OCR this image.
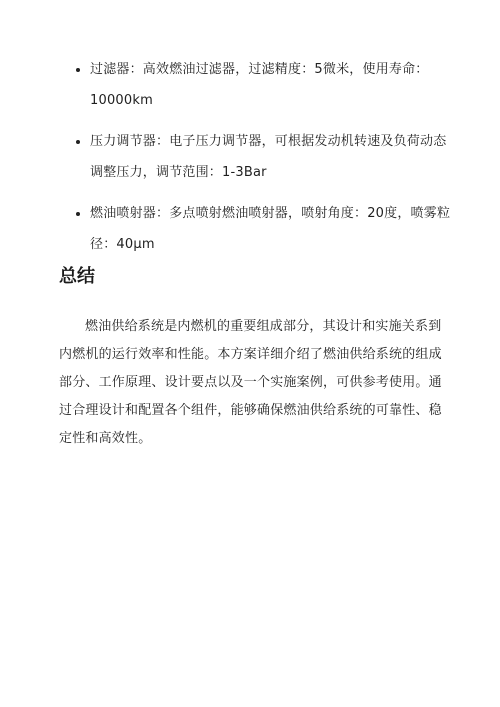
过滤器：高效燃油过滤器，过滤精度：5微米，使用寿命：10000km
压力调节器：电子压力调节器，可根据发动机转速及负荷动态调整压力，调节范围：1-3Bar
燃油喷射器：多点喷射燃油喷射器，喷射角度：20度，喷雾粒径：40μm
总结

燃油供给系统是内燃机的重要组成部分，其设计和实施关系到内燃机的运行效率和性能。本方案详细介绍了燃油供给系统的组成部分、工作原理、设计要点以及一个实施案例，可供参考使用。通过合理设计和配置各个组件，能够确保燃油供给系统的可靠性、稳定性和高效性。
